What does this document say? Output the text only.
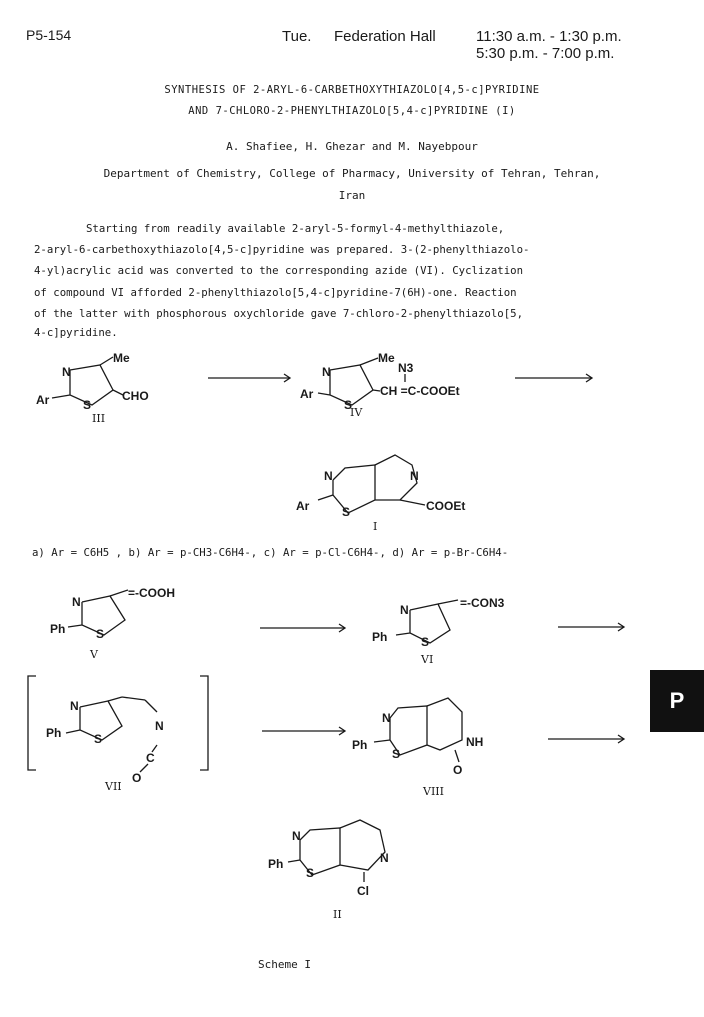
P5-154	Tue. Federation Hall	11:30 a.m. - 1:30 p.m.
5:30 p.m. - 7:00 p.m.
SYNTHESIS OF 2-ARYL-6-CARBETHOXYTHIAZOLO[4,5-c]PYRIDINE
AND 7-CHLORO-2-PHENYLTHIAZOLO[5,4-c]PYRIDINE (I)
A. Shafiee, H. Ghezar and M. Nayebpour
Department of Chemistry, College of Pharmacy, University of Tehran, Tehran,
Iran
Starting from readily available 2-aryl-5-formyl-4-methylthiazole,
2-aryl-6-carbethoxythiazolo[4,5-c]pyridine was prepared. 3-(2-phenylthiazolo-
4-yl)acrylic acid was converted to the corresponding azide (VI). Cyclization
of compound VI afforded 2-phenylthiazolo[5,4-c]pyridine-7(6H)-one. Reaction
of the latter with phosphorous oxychloride gave 7-chloro-2-phenylthiazolo[5,
4-c]pyridine.
a) Ar = C6H5 , b) Ar = p-CH3-C6H4-, c) Ar = p-Cl-C6H4-, d) Ar = p-Br-C6H4-
N
S
Me
CHO
Ar
III
N
S
Me
N3
CH =C-COOEt
Ar
IV
N
S
N
COOEt
Ar
I
N
S
=-COOH
Ph
V
N
S
=-CON3
Ph
VI
N
S
N
C
O
Ph
VII
N
S
NH
O
Ph
VIII
N
S
N
Cl
Ph
II
Scheme I
P
